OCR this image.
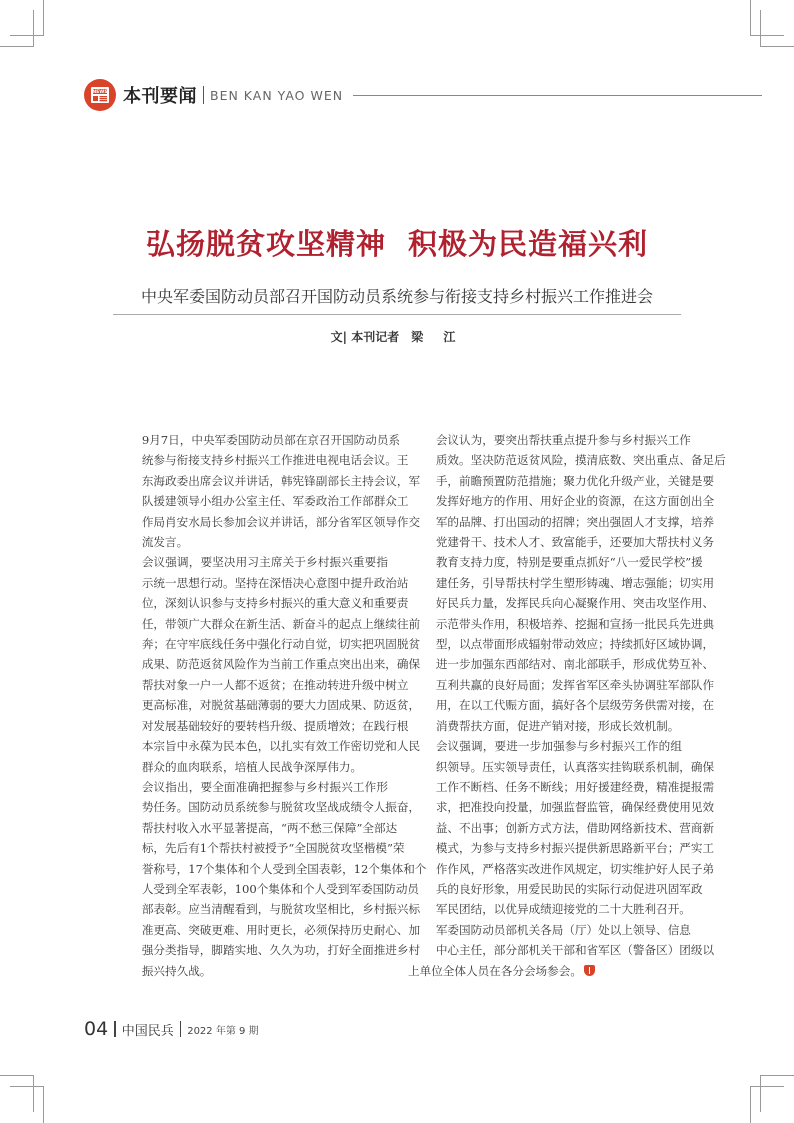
NEWS 本刊要闻 BEN KAN YAO WEN
弘扬脱贫攻坚精神 积极为民造福兴利
中央军委国防动员部召开国防动员系统参与衔接支持乡村振兴工作推进会
文| 本刊记者 梁 江

9月7日，中央军委国防动员部在京召开国防动员系
统参与衔接支持乡村振兴工作推进电视电话会议。王
东海政委出席会议并讲话，韩宪锋副部长主持会议，军
队援建领导小组办公室主任、军委政治工作部群众工
作局肖安水局长参加会议并讲话，部分省军区领导作交
流发言。

会议强调，要坚决用习主席关于乡村振兴重要指
示统一思想行动。坚持在深悟决心意图中提升政治站
位，深刻认识参与支持乡村振兴的重大意义和重要责
任，带领广大群众在新生活、新奋斗的起点上继续往前
奔；在守牢底线任务中强化行动自觉，切实把巩固脱贫
成果、防范返贫风险作为当前工作重点突出出来，确保
帮扶对象一户一人都不返贫；在推动转进升级中树立
更高标准，对脱贫基础薄弱的要大力固成果、防返贫，
对发展基础较好的要转档升级、提质增效；在践行根
本宗旨中永葆为民本色，以扎实有效工作密切党和人民
群众的血肉联系，培植人民战争深厚伟力。

会议指出，要全面准确把握参与乡村振兴工作形
势任务。国防动员系统参与脱贫攻坚战成绩令人振奋，
帮扶村收入水平显著提高，“两不愁三保障”全部达
标，先后有1个帮扶村被授予“全国脱贫攻坚楷模”荣
誉称号，17个集体和个人受到全国表彰，12个集体和个
人受到全军表彰，100个集体和个人受到军委国防动员
部表彰。应当清醒看到，与脱贫攻坚相比，乡村振兴标
准更高、突破更难、用时更长，必须保持历史耐心、加
强分类指导，脚踏实地、久久为功，打好全面推进乡村
振兴持久战。

会议认为，要突出帮扶重点提升参与乡村振兴工作
质效。坚决防范返贫风险，摸清底数、突出重点、备足后
手，前瞻预置防范措施；聚力优化升级产业，关键是要
发挥好地方的作用、用好企业的资源，在这方面创出全
军的品牌、打出国动的招牌；突出强固人才支撑，培养
党建骨干、技术人才、致富能手，还要加大帮扶村义务
教育支持力度，特别是要重点抓好“八一爱民学校”援
建任务，引导帮扶村学生塑形铸魂、增志强能；切实用
好民兵力量，发挥民兵向心凝聚作用、突击攻坚作用、
示范带头作用，积极培养、挖掘和宣扬一批民兵先进典
型，以点带面形成辐射带动效应；持续抓好区域协调，
进一步加强东西部结对、南北部联手，形成优势互补、
互利共赢的良好局面；发挥省军区牵头协调驻军部队作
用，在以工代赈方面，搞好各个层级劳务供需对接，在
消费帮扶方面，促进产销对接，形成长效机制。

会议强调，要进一步加强参与乡村振兴工作的组
织领导。压实领导责任，认真落实挂钩联系机制，确保
工作不断档、任务不断线；用好援建经费，精准提报需
求，把准投向投量，加强监督监管，确保经费使用见效
益、不出事；创新方式方法，借助网络新技术、营商新
模式，为参与支持乡村振兴提供新思路新平台；严实工
作作风，严格落实改进作风规定，切实维护好人民子弟
兵的良好形象，用爱民助民的实际行动促进巩固军政
军民团结，以优异成绩迎接党的二十大胜利召开。

军委国防动员部机关各局（厅）处以上领导、信息
中心主任，部分部机关干部和省军区（警备区）团级以
上单位全体人员在各分会场参会。

04 中国民兵 2022 年第 9 期
